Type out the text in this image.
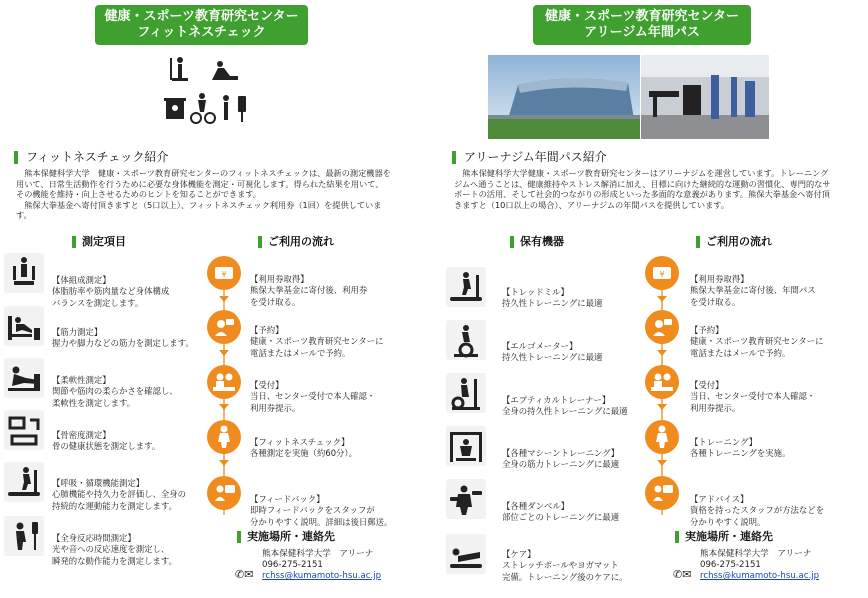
健康・スポーツ教育研究センター
フィットネスチェック
フィットネスチェック紹介
　熊本保健科学大学　健康・スポーツ教育研究センターのフィットネスチェックは、最新の測定機器を用いて、日常生活動作を行うために必要な身体機能を測定・可視化します。得られた結果を用いて、その機能を維持・向上させるためのヒントを知ることができます。
　熊保大拳基金へ寄付頂きますと（5口以上）、フィットネスチェック利用券（1回）を提供しています。
測定項目	ご利用の流れ

【体組成測定】
体脂肪率や筋肉量など身体構成
バランスを測定します。

【筋力測定】
握力や脚力などの筋力を測定します。

【柔軟性測定】
関節や筋肉の柔らかさを確認し、
柔軟性を測定します。

【骨密度測定】
骨の健康状態を測定します。

【呼吸・循環機能測定】
心肺機能や持久力を評価し、全身の
持続的な運動能力を測定します。

【全身反応時間測定】
光や音への反応速度を測定し、
瞬発的な動作能力を測定します。

¥	【利用券取得】
熊保大拳基金に寄付後、利用券
を受け取る。

【予約】
健康・スポーツ教育研究センターに
電話またはメールで予約。

【受付】
当日、センター受付で本人確認・
利用券提示。

【フィットネスチェック】
各種測定を実施（約60分）。

【フィードバック】
即時フィードバックをスタッフが
分かりやすく説明。詳細は後日郵送。

実施場所・連絡先
✆✉
熊本保健科学大学　アリーナ
096-275-2151
rchss@kumamoto-hsu.ac.jp
健康・スポーツ教育研究センター
アリージム年間パス
アリーナジム年間パス紹介
　熊本保健科学大学健康・スポーツ教育研究センターはアリーナジムを運営しています。トレーニングジムへ通うことは、健康維持やストレス解消に加え、目標に向けた継続的な運動の習慣化、専門的なサポートの活用、そして社会的つながりの形成といった多面的な意義があります。熊保大拳基金へ寄付頂きますと（10口以上の場合）、アリーナジムの年間パスを提供しています。
保有機器	ご利用の流れ

【トレッドミル】
持久性トレーニングに最適

【エルゴメーター】
持久性トレーニングに最適

【エプティカルトレーナー】
全身の持久性トレーニングに最適

【各種マシーントレーニング】
全身の筋力トレーニングに最適

【各種ダンベル】
部位ごとのトレーニングに最適

【ケア】
ストレッチポールやヨガマット
完備。トレーニング後のケアに。

¥	【利用券取得】
熊保大拳基金に寄付後、年間パス
を受け取る。

【予約】
健康・スポーツ教育研究センターに
電話またはメールで予約。

【受付】
当日、センター受付で本人確認・
利用券提示。

【トレーニング】
各種トレーニングを実施。

【アドバイス】
資格を持ったスタッフが方法などを
分かりやすく説明。

実施場所・連絡先
✆✉
熊本保健科学大学　アリーナ
096-275-2151
rchss@kumamoto-hsu.ac.jp
